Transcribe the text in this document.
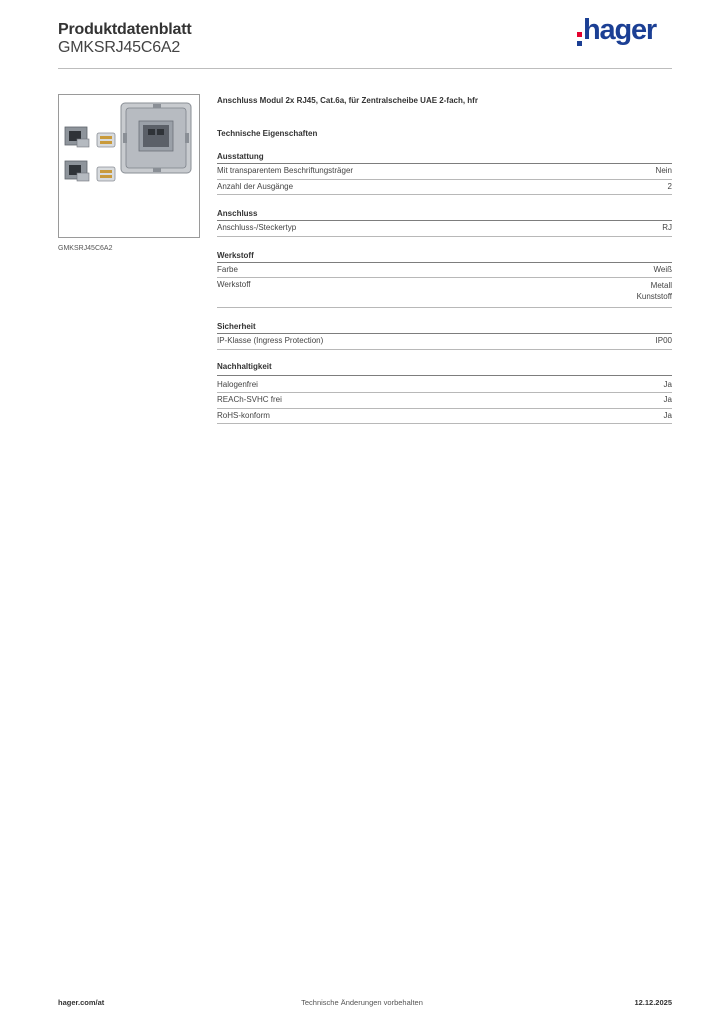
Produktdatenblatt
GMKSRJ45C6A2
hager
GMKSRJ45C6A2
Anschluss Modul 2x RJ45, Cat.6a, für Zentralscheibe UAE 2-fach, hfr
Technische Eigenschaften
Ausstattung
Mit transparentem Beschriftungsträger	Nein
Anzahl der Ausgänge	2
Anschluss
Anschluss-/Steckertyp	RJ
Werkstoff
Farbe	Weiß
Werkstoff	Metall
Kunststoff
Sicherheit
IP-Klasse (Ingress Protection)	IP00
Nachhaltigkeit
Halogenfrei	Ja
REACh-SVHC frei	Ja
RoHS-konform	Ja
hager.com/at	Technische Änderungen vorbehalten	12.12.2025
